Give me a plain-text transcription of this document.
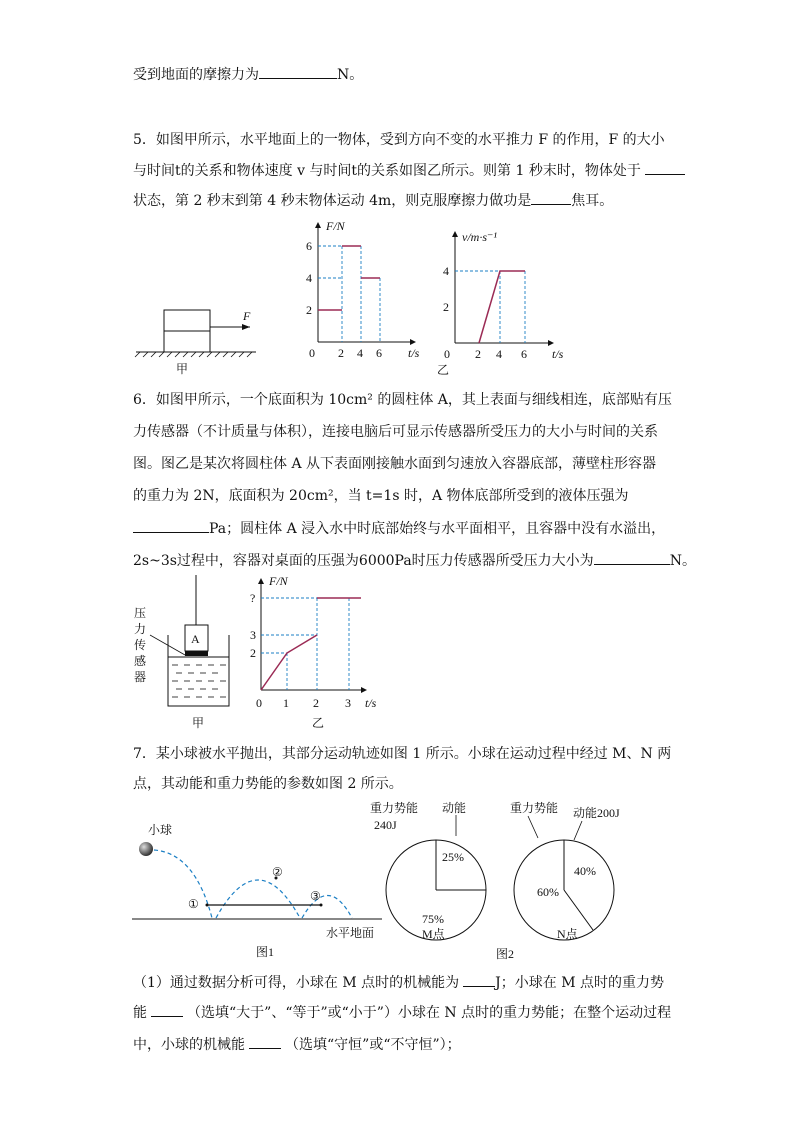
受到地面的摩擦力为	N。
5．如图甲所示，水平地面上的一物体，受到方向不变的水平推力 F 的作用，F 的大小
与时间t的关系和物体速度 v 与时间t的关系如图乙所示。则第 1 秒末时，物体处于
状态，第 2 秒末到第 4 秒末物体运动 4m，则克服摩擦力做功是	焦耳。
F
甲
F/N
6
4
2
0 2 4 6 t/s
v/m·s⁻¹
4
2
0 2 4 6 t/s
乙
6．如图甲所示，一个底面积为 10cm² 的圆柱体 A，其上表面与细线相连，底部贴有压
力传感器（不计质量与体积），连接电脑后可显示传感器所受压力的大小与时间的关系
图。图乙是某次将圆柱体 A 从下表面刚接触水面到匀速放入容器底部，薄壁柱形容器
的重力为 2N，底面积为 20cm²，当 t=1s 时，A 物体底部所受到的液体压强为
Pa；圆柱体 A 浸入水中时底部始终与水平面相平，且容器中没有水溢出，
2s~3s过程中，容器对桌面的压强为6000Pa时压力传感器所受压力大小为	N。
A
压
力
传
感
器
甲
F/N
?
3
2
0 1 2 3 t/s
乙
7．某小球被水平抛出，其部分运动轨迹如图 1 所示。小球在运动过程中经过 M、N 两
点，其动能和重力势能的参数如图 2 所示。
小球
①
②
③
水平地面
图1
重力势能
240J
动能
25%
75%
M点
重力势能 动能200J
40%
60%
N点
图2
（1）通过数据分析可得，小球在 M 点时的机械能为	J；小球在 M 点时的重力势
能	（选填“大于”、“等于”或“小于”）小球在 N 点时的重力势能；在整个运动过程
中，小球的机械能	（选填“守恒”或“不守恒”）；
